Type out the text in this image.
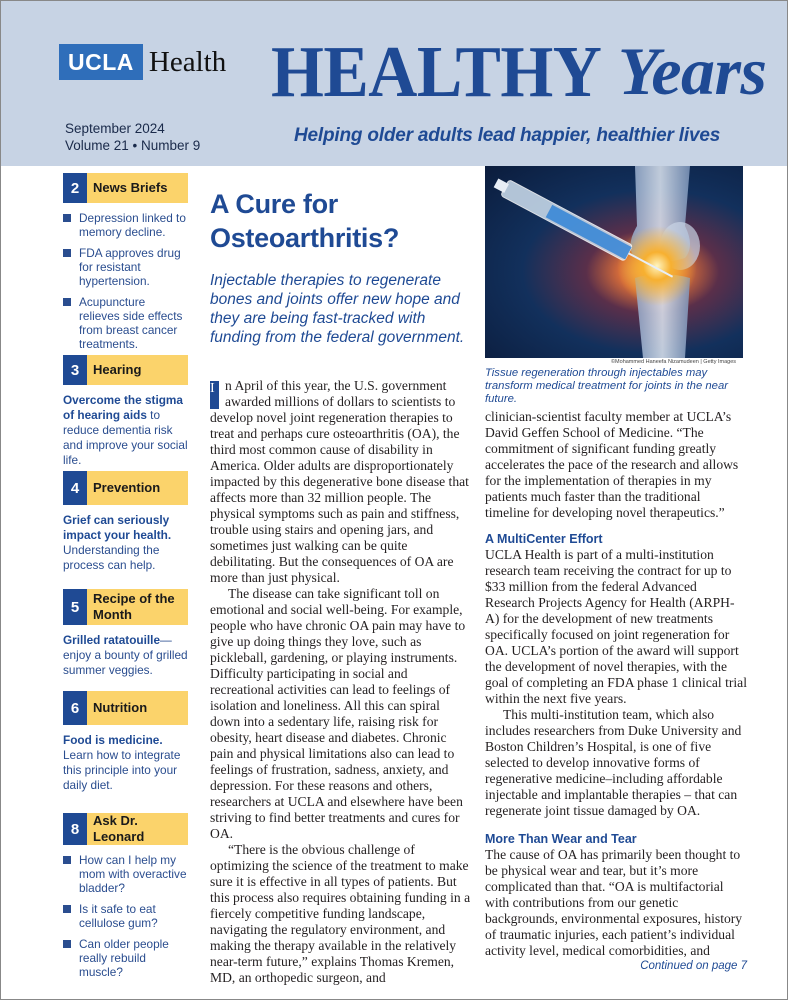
UCLA Health HEALTHY Years
September 2024
Volume 21 • Number 9	Helping older adults lead happier, healthier lives
2	News Briefs
Depression linked to memory decline.
FDA approves drug for resistant hypertension.
Acupuncture relieves side effects from breast cancer treatments.
3	Hearing
Overcome the stigma of hearing aids to reduce dementia risk and improve your social life.
4	Prevention
Grief can seriously impact your health. Understanding the process can help.
5	Recipe of the Month
Grilled ratatouille—enjoy a bounty of grilled summer veggies.
6	Nutrition
Food is medicine. Learn how to integrate this principle into your daily diet.
8	Ask Dr. Leonard
How can I help my mom with overactive bladder?
Is it safe to eat cellulose gum?
Can older people really rebuild muscle?
A Cure for Osteoarthritis?
Injectable therapies to regenerate bones and joints offer new hope and they are being fast-tracked with funding from the federal government.
©Mohammed Haneefa Nizamudeen | Getty Images
Tissue regeneration through injectables may transform medical treatment for joints in the near future.

I n April of this year, the U.S. government awarded millions of dollars to scientists to develop novel joint regeneration therapies to treat and perhaps cure osteoarthritis (OA), the third most common cause of disability in America. Older adults are disproportionately impacted by this degenerative bone disease that affects more than 32 million people. The physical symptoms such as pain and stiffness, trouble using stairs and opening jars, and sometimes just walking can be quite debilitating. But the consequences of OA are more than just physical.

The disease can take significant toll on emotional and social well-being. For example, people who have chronic OA pain may have to give up doing things they love, such as pickleball, gardening, or playing instruments. Difficulty participating in social and recreational activities can lead to feelings of isolation and loneliness. All this can spiral down into a sedentary life, raising risk for obesity, heart disease and diabetes. Chronic pain and physical limitations also can lead to feelings of frustration, sadness, anxiety, and depression. For these reasons and others, researchers at UCLA and elsewhere have been striving to find better treatments and cures for OA.

“There is the obvious challenge of optimizing the science of the treatment to make sure it is effective in all types of patients. But this process also requires obtaining funding in a fiercely competitive funding landscape, navigating the regulatory environment, and making the therapy available in the relatively near-term future,” explains Thomas Kremen, MD, an orthopedic surgeon, and

clinician-scientist faculty member at UCLA’s David Geffen School of Medicine. “The commitment of significant funding greatly accelerates the pace of the research and allows for the implementation of therapies in my patients much faster than the traditional timeline for developing novel therapeutics.”

A MultiCenter Effort

UCLA Health is part of a multi-institution research team receiving the contract for up to $33 million from the federal Advanced Research Projects Agency for Health (ARPH-A) for the development of new treatments specifically focused on joint regeneration for OA. UCLA’s portion of the award will support the development of novel therapies, with the goal of completing an FDA phase 1 clinical trial within the next five years.

This multi-institution team, which also includes researchers from Duke University and Boston Children’s Hospital, is one of five selected to develop innovative forms of regenerative medicine–including affordable injectable and implantable therapies – that can regenerate joint tissue damaged by OA.

More Than Wear and Tear

The cause of OA has primarily been thought to be physical wear and tear, but it’s more complicated than that. “OA is multifactorial with contributions from our genetic backgrounds, environmental exposures, history of traumatic injuries, each patient’s individual activity level, medical comorbidities, and

Continued on page 7
